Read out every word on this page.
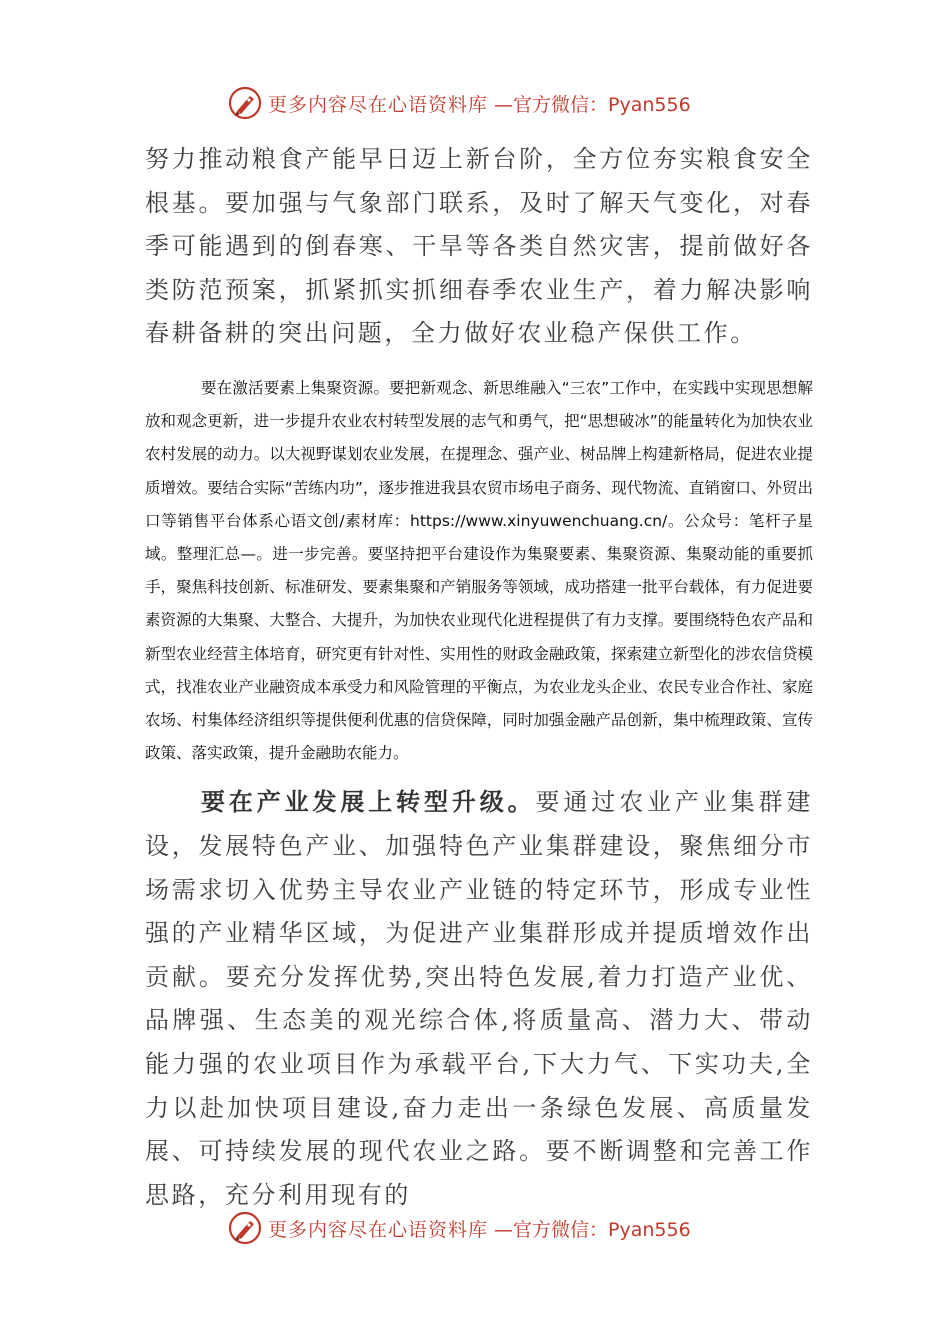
更多内容尽在心语资料库 —官方微信：Pyan556

努力推动粮食产能早日迈上新台阶，全方位夯实粮食安全根基。要加强与气象部门联系，及时了解天气变化，对春季可能遇到的倒春寒、干旱等各类自然灾害，提前做好各类防范预案，抓紧抓实抓细春季农业生产，着力解决影响春耕备耕的突出问题，全力做好农业稳产保供工作。

要在激活要素上集聚资源。要把新观念、新思维融入“三农”工作中，在实践中实现思想解放和观念更新，进一步提升农业农村转型发展的志气和勇气，把“思想破冰”的能量转化为加快农业农村发展的动力。以大视野谋划农业发展，在提理念、强产业、树品牌上构建新格局，促进农业提质增效。要结合实际“苦练内功”，逐步推进我县农贸市场电子商务、现代物流、直销窗口、外贸出口等销售平台体系心语文创/素材库：https://www.xinyuwenchuang.cn/。公众号：笔杆子星域。整理汇总—。进一步完善。要坚持把平台建设作为集聚要素、集聚资源、集聚动能的重要抓手，聚焦科技创新、标准研发、要素集聚和产销服务等领域，成功搭建一批平台载体，有力促进要素资源的大集聚、大整合、大提升，为加快农业现代化进程提供了有力支撑。要围绕特色农产品和新型农业经营主体培育，研究更有针对性、实用性的财政金融政策，探索建立新型化的涉农信贷模式，找准农业产业融资成本承受力和风险管理的平衡点，为农业龙头企业、农民专业合作社、家庭农场、村集体经济组织等提供便利优惠的信贷保障，同时加强金融产品创新，集中梳理政策、宣传政策、落实政策，提升金融助农能力。

要在产业发展上转型升级。要通过农业产业集群建设，发展特色产业、加强特色产业集群建设，聚焦细分市场需求切入优势主导农业产业链的特定环节，形成专业性强的产业精华区域，为促进产业集群形成并提质增效作出贡献。要充分发挥优势,突出特色发展,着力打造产业优、品牌强、生态美的观光综合体,将质量高、潜力大、带动能力强的农业项目作为承载平台,下大力气、下实功夫,全力以赴加快项目建设,奋力走出一条绿色发展、高质量发展、可持续发展的现代农业之路。要不断调整和完善工作思路，充分利用现有的

更多内容尽在心语资料库 —官方微信：Pyan556
